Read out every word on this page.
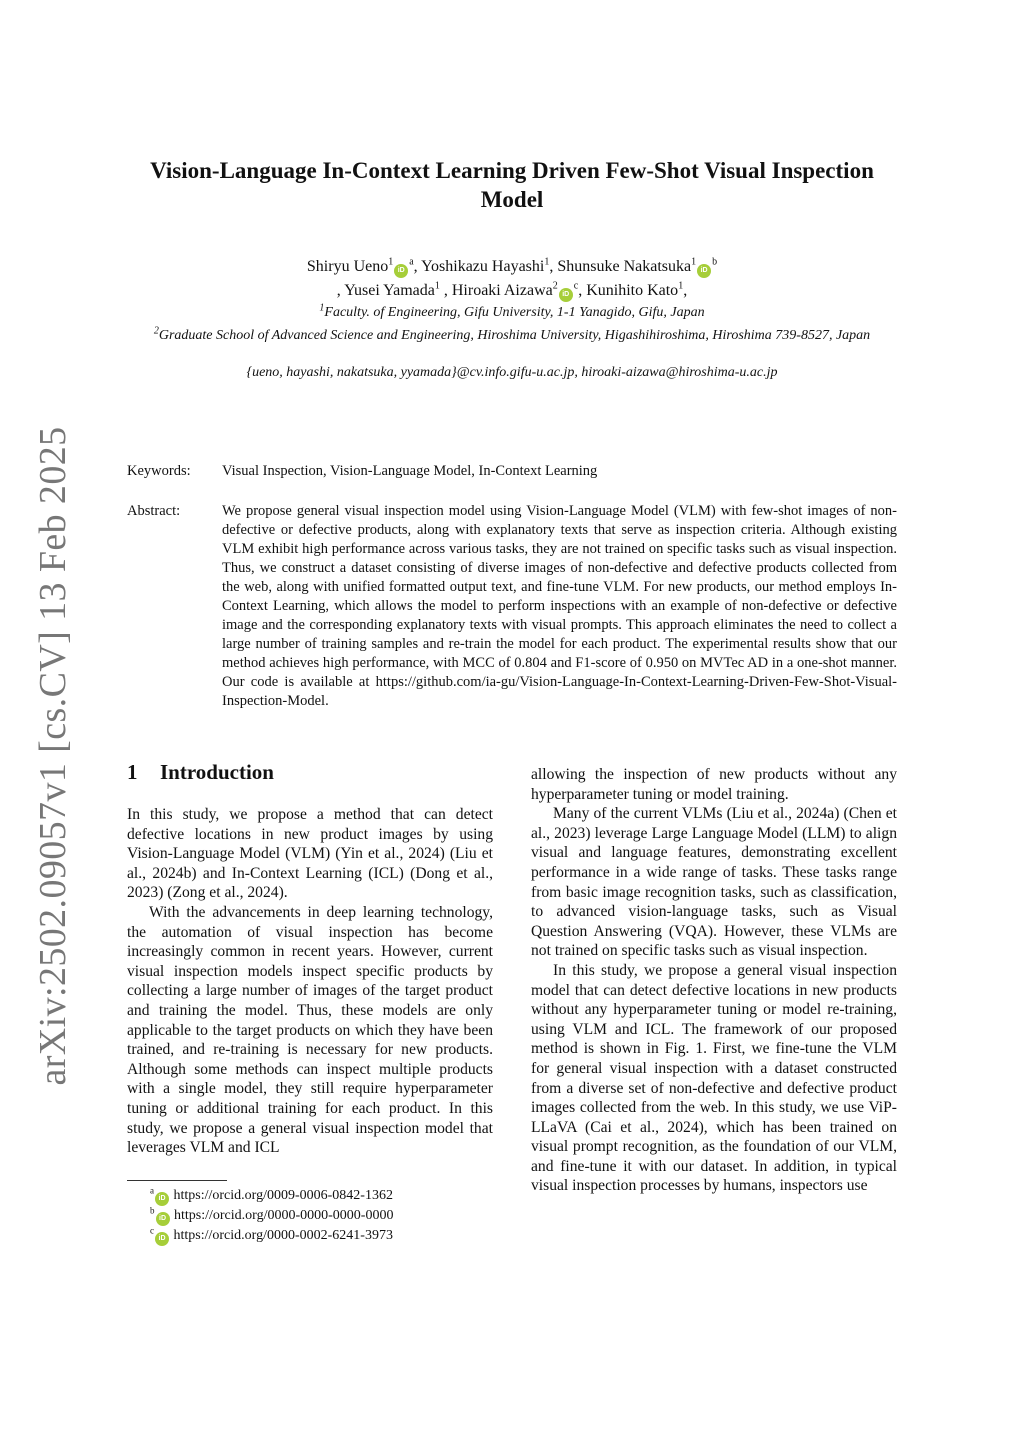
arXiv:2502.09057v1 [cs.CV] 13 Feb 2025
Vision-Language In-Context Learning Driven Few-Shot Visual Inspection Model
Shiryu $Ueno^1iD^a$, Yoshikazu Hayashi$^1$, Shunsuke $Nakatsuka^1iD^b$
, Yusei Yamada$^1$ , Hiroaki $Aizawa^2iD^c$, Kunihito Kato$^1$,
$^1$Faculty. of Engineering, Gifu University, 1-1 Yanagido, Gifu, Japan
$^2$Graduate School of Advanced Science and Engineering, Hiroshima University, Higashihiroshima, Hiroshima 739-8527, Japan
{ueno, hayashi, nakatsuka, yyamada}@cv.info.gifu-u.ac.jp, hiroaki-aizawa@hiroshima-u.ac.jp
Keywords: Visual Inspection, Vision-Language Model, In-Context Learning
Abstract:	We propose general visual inspection model using Vision-Language Model (VLM) with few-shot images of non-defective or defective products, along with explanatory texts that serve as inspection criteria. Although existing VLM exhibit high performance across various tasks, they are not trained on specific tasks such as visual inspection. Thus, we construct a dataset consisting of diverse images of non-defective and defective products collected from the web, along with unified formatted output text, and fine-tune VLM. For new products, our method employs In-Context Learning, which allows the model to perform inspections with an example of non-defective or defective image and the corresponding explanatory texts with visual prompts. This approach eliminates the need to collect a large number of training samples and re-train the model for each product. The experimental results show that our method achieves high performance, with MCC of 0.804 and F1-score of 0.950 on MVTec AD in a one-shot manner. Our code is available at https://github.com/ia-gu/Vision-Language-In-Context-Learning-Driven-Few-Shot-Visual-Inspection-Model.
1 Introduction

In this study, we propose a method that can detect defective locations in new product images by using Vision-Language Model (VLM) (Yin et al., 2024) (Liu et al., 2024b) and In-Context Learning (ICL) (Dong et al., 2023) (Zong et al., 2024).

With the advancements in deep learning technology, the automation of visual inspection has become increasingly common in recent years. However, current visual inspection models inspect specific products by collecting a large number of images of the target product and training the model. Thus, these models are only applicable to the target products on which they have been trained, and re-training is necessary for new products. Although some methods can inspect multiple products with a single model, they still require hyperparameter tuning or additional training for each product. In this study, we propose a general visual inspection model that leverages VLM and ICL

allowing the inspection of new products without any hyperparameter tuning or model training.

Many of the current VLMs (Liu et al., 2024a) (Chen et al., 2023) leverage Large Language Model (LLM) to align visual and language features, demonstrating excellent performance in a wide range of tasks. These tasks range from basic image recognition tasks, such as classification, to advanced vision-language tasks, such as Visual Question Answering (VQA). However, these VLMs are not trained on specific tasks such as visual inspection.

In this study, we propose a general visual inspection model that can detect defective locations in new products without any hyperparameter tuning or model re-training, using VLM and ICL. The framework of our proposed method is shown in Fig. 1. First, we fine-tune the VLM for general visual inspection with a dataset constructed from a diverse set of non-defective and defective product images collected from the web. In this study, we use ViP-LLaVA (Cai et al., 2024), which has been trained on visual prompt recognition, as the foundation of our VLM, and fine-tune it with our dataset. In addition, in typical visual inspection processes by humans, inspectors use

$^a$iD https://orcid.org/0009-0006-0842-1362
$^b$iD https://orcid.org/0000-0000-0000-0000
$^c$iD https://orcid.org/0000-0002-6241-3973
